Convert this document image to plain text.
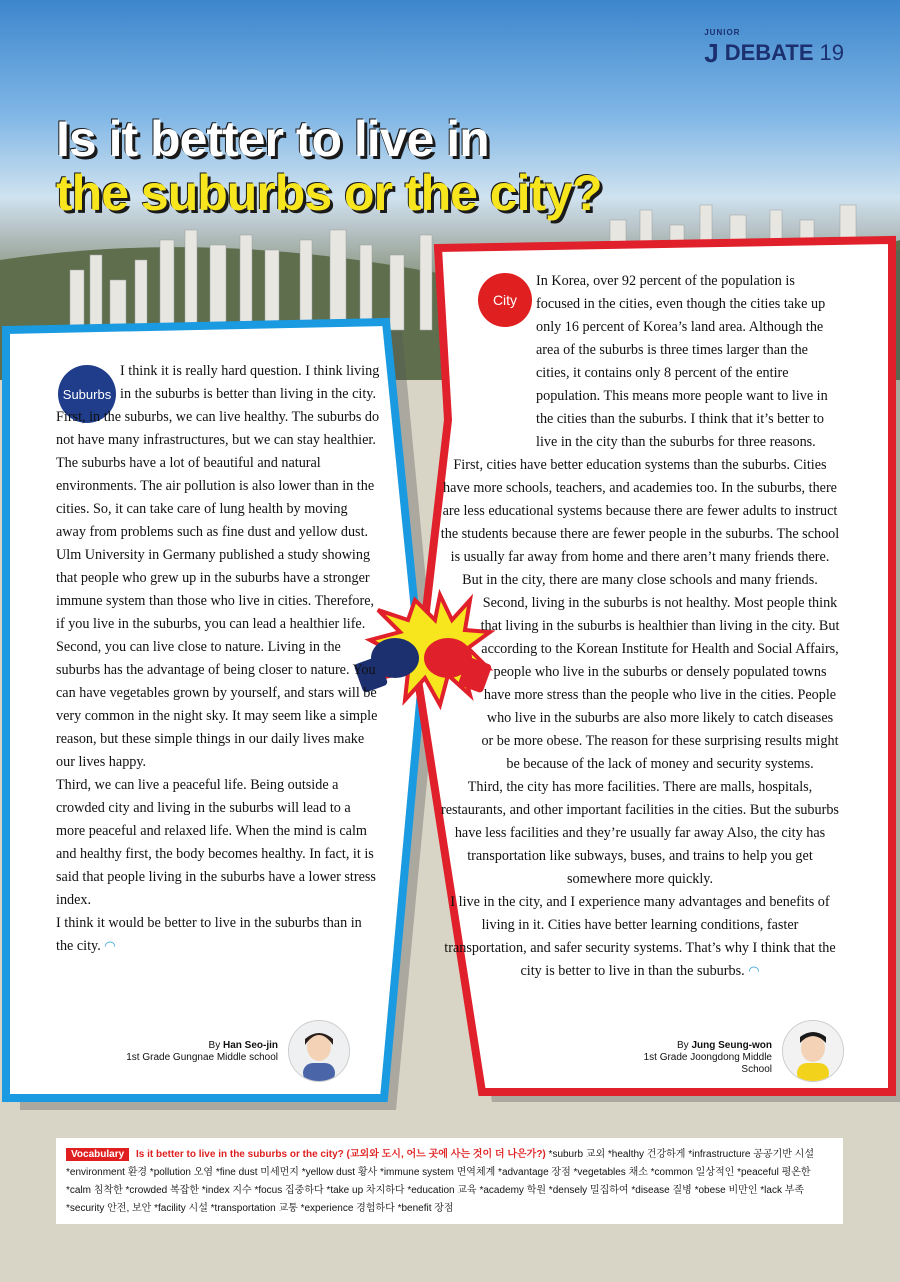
JUNIOR
J DEBATE 19
Is it better to live in
the suburbs or the city?
Suburbs

I think it is really hard question. I think living in the suburbs is better than living in the city.

First, in the suburbs, we can live healthy. The suburbs do not have many infrastructures, but we can stay healthier. The suburbs have a lot of beautiful and natural environments. The air pollution is also lower than in the cities. So, it can take care of lung health by moving away from problems such as fine dust and yellow dust. Ulm University in Germany published a study showing that people who grew up in the suburbs have a stronger immune system than those who live in cities. Therefore, if you live in the suburbs, you can lead a healthier life.

Second, you can live close to nature. Living in the suburbs has the advantage of being closer to nature. You can have vegetables grown by yourself, and stars will be very common in the night sky. It may seem like a simple reason, but these simple things in our daily lives make our lives happy.

Third, we can live a peaceful life. Being outside a crowded city and living in the suburbs will lead to a more peaceful and relaxed life. When the mind is calm and healthy first, the body becomes healthy. In fact, it is said that people living in the suburbs have a lower stress index.

I think it would be better to live in the suburbs than in the city. ◠

By Han Seo-jin
1st Grade Gungnae Middle school
City

In Korea, over 92 percent of the population is focused in the cities, even though the cities take up only 16 percent of Korea’s land area. Although the area of the suburbs is three times larger than the cities, it contains only 8 percent of the entire population. This means more people want to live in the cities than the suburbs. I think that it’s better to live in the city than the suburbs for three reasons.

First, cities have better education systems than the suburbs. Cities have more schools, teachers, and academies too. In the suburbs, there are less educational systems because there are fewer adults to instruct the students because there are fewer people in the suburbs. The school is usually far away from home and there aren’t many friends there. But in the city, there are many close schools and many friends.

Second, living in the suburbs is not healthy. Most people think that living in the suburbs is healthier than living in the city. But according to the Korean Institute for Health and Social Affairs, people who live in the suburbs or densely populated towns have more stress than the people who live in the cities. People who live in the suburbs are also more likely to catch diseases or be more obese. The reason for these surprising results might be because of the lack of money and security systems.

Third, the city has more facilities. There are malls, hospitals, restaurants, and other important facilities in the cities. But the suburbs have less facilities and they’re usually far away Also, the city has transportation like subways, buses, and trains to help you get somewhere more quickly.

I live in the city, and I experience many advantages and benefits of living in it. Cities have better learning conditions, faster transportation, and safer security systems. That’s why I think that the city is better to live in than the suburbs. ◠

By Jung Seung-won
1st Grade Joongdong Middle School
Vocabulary Is it better to live in the suburbs or the city? (교외와 도시, 어느 곳에 사는 것이 더 나은가?) *suburb 교외 *healthy 건강하게 *infrastructure 공공기반 시설 *environment 환경 *pollution 오염 *fine dust 미세먼지 *yellow dust 황사 *immune system 면역체계 *advantage 장점 *vegetables 채소 *common 일상적인 *peaceful 평온한 *calm 침착한 *crowded 복잡한 *index 지수 *focus 집중하다 *take up 차지하다 *education 교육 *academy 학원 *densely 밀집하여 *disease 질병 *obese 비만인 *lack 부족 *security 안전, 보안 *facility 시설 *transportation 교통 *experience 경험하다 *benefit 장점
